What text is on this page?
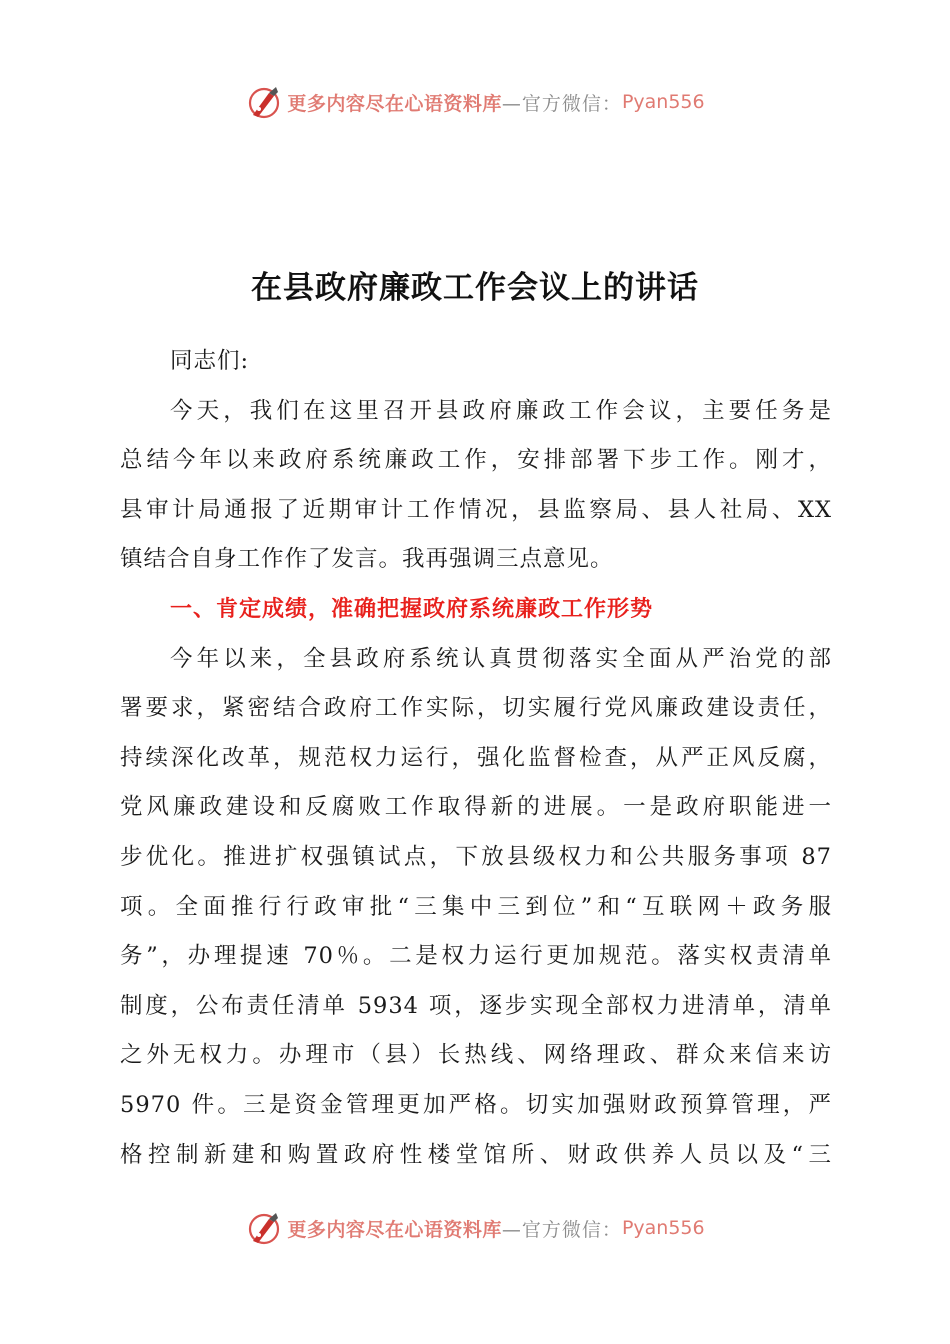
更多内容尽在心语资料库 —官方微信： Pyan556
在县政府廉政工作会议上的讲话
同志们:
今天，我们在这里召开县政府廉政工作会议，主要任务是
总结今年以来政府系统廉政工作，安排部署下步工作。刚才，
县审计局通报了近期审计工作情况，县监察局、县人社局、XX
镇结合自身工作作了发言。我再强调三点意见。
一、肯定成绩，准确把握政府系统廉政工作形势
今年以来，全县政府系统认真贯彻落实全面从严治党的部
署要求，紧密结合政府工作实际，切实履行党风廉政建设责任，
持续深化改革，规范权力运行，强化监督检查，从严正风反腐，
党风廉政建设和反腐败工作取得新的进展。一是政府职能进一
步优化。推进扩权强镇试点，下放县级权力和公共服务事项 87
项。全面推行行政审批“三集中三到位”和“互联网＋政务服
务”，办理提速 70％。二是权力运行更加规范。落实权责清单
制度，公布责任清单 5934 项，逐步实现全部权力进清单，清单
之外无权力。办理市（县）长热线、网络理政、群众来信来访
5970 件。三是资金管理更加严格。切实加强财政预算管理，严
格控制新建和购置政府性楼堂馆所、财政供养人员以及“三
更多内容尽在心语资料库 —官方微信： Pyan556
